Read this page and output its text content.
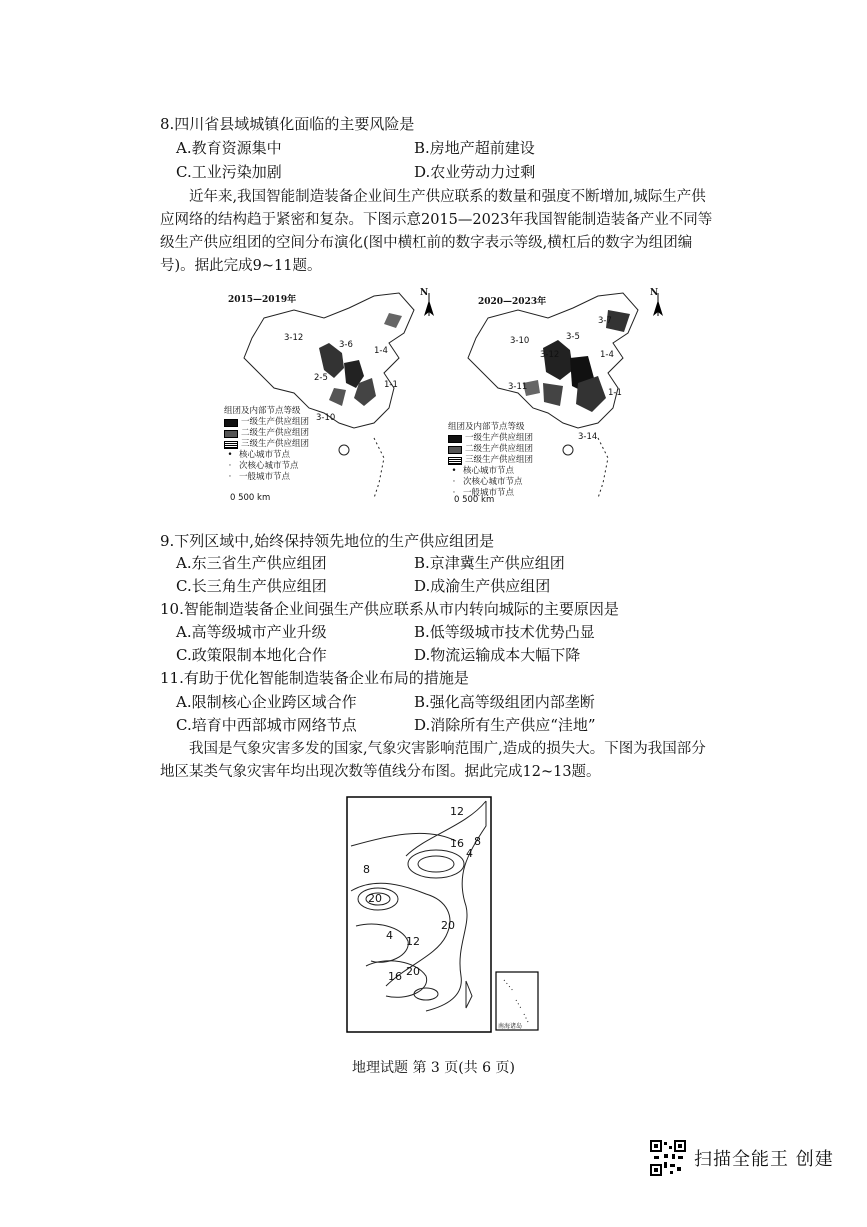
8.四川省县域城镇化面临的主要风险是
A.教育资源集中	B.房地产超前建设
C.工业污染加剧	D.农业劳动力过剩
近年来,我国智能制造装备企业间生产供应联系的数量和强度不断增加,城际生产供应网络的结构趋于紧密和复杂。下图示意2015—2023年我国智能制造装备产业不同等级生产供应组团的空间分布演化(图中横杠前的数字表示等级,横杠后的数字为组团编号)。据此完成9~11题。
2015—2019年
N
组团及内部节点等级
一级生产供应组团
二级生产供应组团
三级生产供应组团
• 核心城市节点
· 次核心城市节点
· 一般城市节点
0 500 km
3-12
3-6
1-4
2-5
1-1
3-10
2020—2023年
N
组团及内部节点等级
一级生产供应组团
二级生产供应组团
三级生产供应组团
• 核心城市节点
· 次核心城市节点
· 一般城市节点
0 500 km
3-10
3-12
3-11
3-5
3-7
3-14
1-4
1-1
9.下列区域中,始终保持领先地位的生产供应组团是
A.东三省生产供应组团	B.京津冀生产供应组团
C.长三角生产供应组团	D.成渝生产供应组团
10.智能制造装备企业间强生产供应联系从市内转向城际的主要原因是
A.高等级城市产业升级	B.低等级城市技术优势凸显
C.政策限制本地化合作	D.物流运输成本大幅下降
11.有助于优化智能制造装备企业布局的措施是
A.限制核心企业跨区域合作	B.强化高等级组团内部垄断
C.培育中西部城市网络节点	D.消除所有生产供应“洼地”
我国是气象灾害多发的国家,气象灾害影响范围广,造成的损失大。下图为我国部分地区某类气象灾害年均出现次数等值线分布图。据此完成12~13题。
12
16 8
8
4
20
20
4 12
16 20
南海诸岛
地理试题 第 3 页(共 6 页)
扫描全能王 创建
